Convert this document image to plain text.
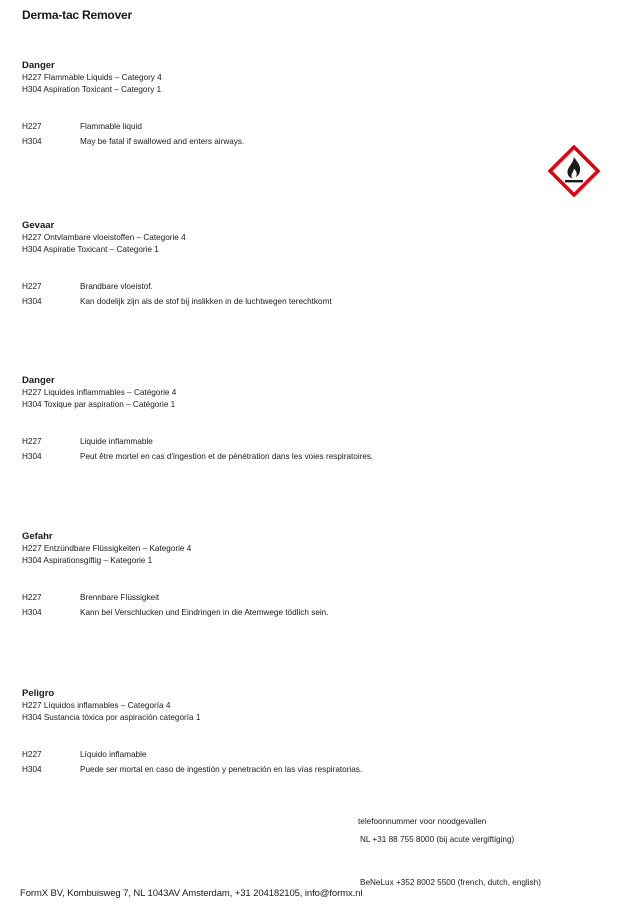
Derma-tac Remover
Danger
H227 Flammable Liquids – Category 4
H304 Aspiration Toxicant – Category 1
H227	Flammable liquid
H304	May be fatal if swallowed and enters airways.
Gevaar
H227 Ontvlambare vloeistoffen – Categorie 4
H304 Aspiratie Toxicant – Categorie 1
H227	Brandbare vloeistof.
H304	Kan dodelijk zijn als de stof bij inslikken in de luchtwegen terechtkomt
Danger
H227 Liquides inflammables – Catégorie 4
H304 Toxique par aspiration – Catégorie 1
H227	Liquide inflammable
H304	Peut être mortel en cas d'ingestion et de pénétration dans les voies respiratoires.
Gefahr
H227 Entzündbare Flüssigkeiten – Kategorie 4
H304 Aspirationsgiftig – Kategorie 1
H227	Brennbare Flüssigkeit
H304	Kann bei Verschlucken und Eindringen in die Atemwege tödlich sein.
Peligro
H227 Líquidos inflamables – Categoría 4
H304 Sustancia tóxica por aspiración categoría 1
H227	Líquido inflamable
H304	Puede ser mortal en caso de ingestión y penetración en las vías respiratorias.
telefoonnummer voor noodgevallen
NL +31 88 755 8000 (bij acute vergiftiging)
BeNeLux +352 8002 5500 (french, dutch, english)
FormX BV, Kombuisweg 7, NL 1043AV Amsterdam, +31 204182105, info@formx.nl
